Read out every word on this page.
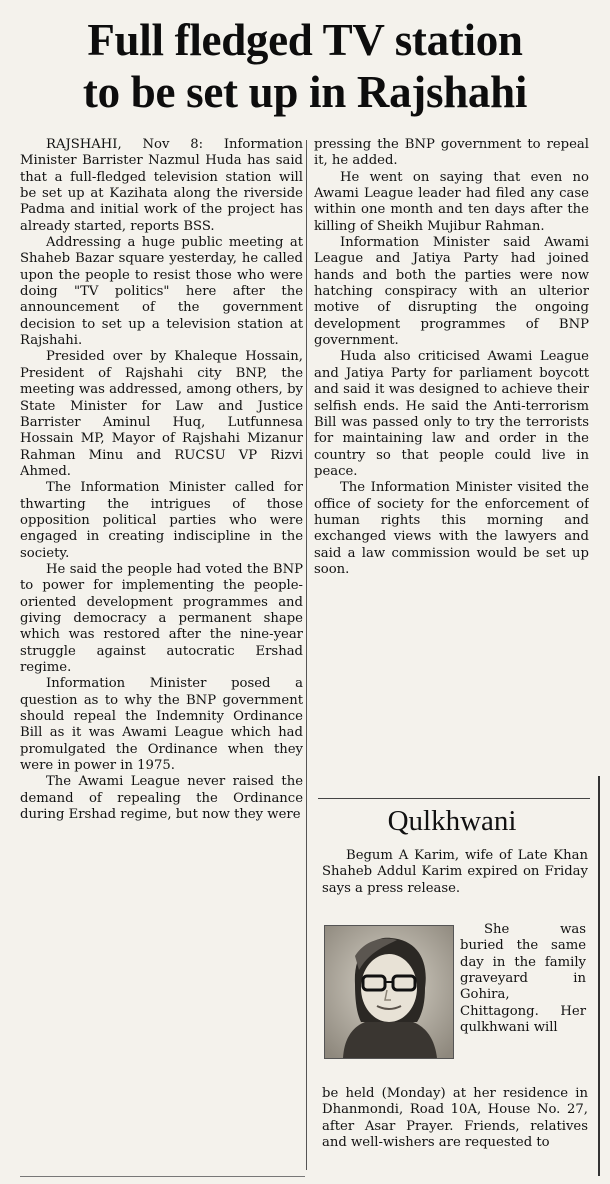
Full fledged TV station
to be set up in Rajshahi

RAJSHAHI, Nov 8: Information Minister Barrister Nazmul Huda has said that a full-fledged television station will be set up at Kazihata along the riverside Padma and initial work of the project has already started, reports BSS.

Addressing a huge public meeting at Shaheb Bazar square yesterday, he called upon the people to resist those who were doing "TV politics" here after the announcement of the government decision to set up a television station at Rajshahi.

Presided over by Khaleque Hossain, President of Rajshahi city BNP, the meeting was addressed, among others, by State Minister for Law and Justice Barrister Aminul Huq, Lutfunnesa Hossain MP, Mayor of Rajshahi Mizanur Rahman Minu and RUCSU VP Rizvi Ahmed.

The Information Minister called for thwarting the intrigues of those opposition political parties who were engaged in creating indiscipline in the society.

He said the people had voted the BNP to power for implementing the people-oriented development programmes and giving democracy a permanent shape which was restored after the nine-year struggle against autocratic Ershad regime.

Information Minister posed a question as to why the BNP government should repeal the Indemnity Ordinance Bill as it was Awami League which had promulgated the Ordinance when they were in power in 1975.

The Awami League never raised the demand of repealing the Ordinance during Ershad regime, but now they were

pressing the BNP government to repeal it, he added.

He went on saying that even no Awami League leader had filed any case within one month and ten days after the killing of Sheikh Mujibur Rahman.

Information Minister said Awami League and Jatiya Party had joined hands and both the parties were now hatching conspiracy with an ulterior motive of disrupting the ongoing development programmes of BNP government.

Huda also criticised Awami League and Jatiya Party for parliament boycott and said it was designed to achieve their selfish ends. He said the Anti-terrorism Bill was passed only to try the terrorists for maintaining law and order in the country so that people could live in peace.

The Information Minister visited the office of society for the enforcement of human rights this morning and exchanged views with the lawyers and said a law commission would be set up soon.

Qulkhwani

Begum A Karim, wife of Late Khan Shaheb Addul Karim expired on Friday says a press release.

She was buried the same day in the family graveyard in Gohira, Chittagong. Her qulkhwani will

be held (Monday) at her residence in Dhanmondi, Road 10A, House No. 27, after Asar Prayer. Friends, relatives and well-wishers are requested to
